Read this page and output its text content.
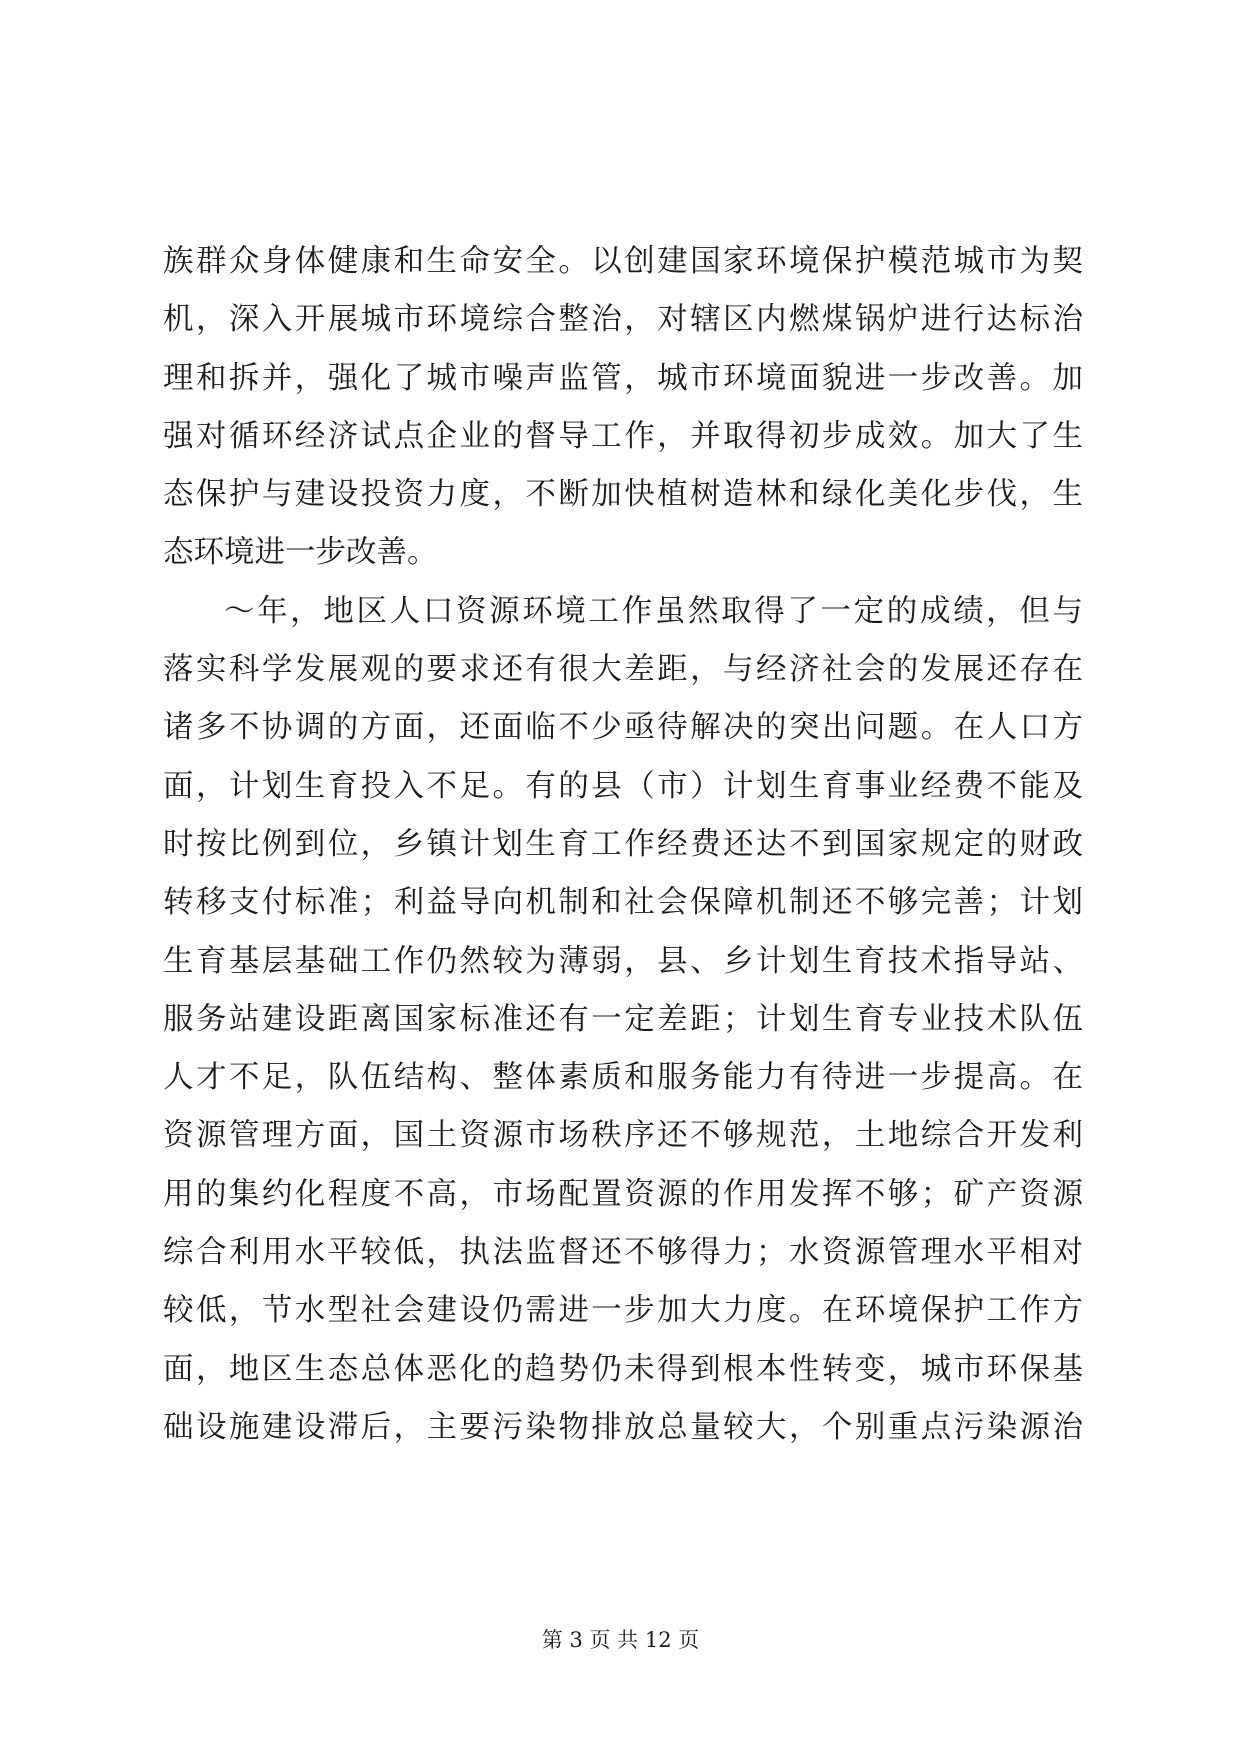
族群众身体健康和生命安全。以创建国家环境保护模范城市为契
机，深入开展城市环境综合整治，对辖区内燃煤锅炉进行达标治
理和拆并，强化了城市噪声监管，城市环境面貌进一步改善。加
强对循环经济试点企业的督导工作，并取得初步成效。加大了生
态保护与建设投资力度，不断加快植树造林和绿化美化步伐，生
态环境进一步改善。
～年，地区人口资源环境工作虽然取得了一定的成绩，但与
落实科学发展观的要求还有很大差距，与经济社会的发展还存在
诸多不协调的方面，还面临不少亟待解决的突出问题。在人口方
面，计划生育投入不足。有的县（市）计划生育事业经费不能及
时按比例到位，乡镇计划生育工作经费还达不到国家规定的财政
转移支付标准；利益导向机制和社会保障机制还不够完善；计划
生育基层基础工作仍然较为薄弱，县、乡计划生育技术指导站、
服务站建设距离国家标准还有一定差距；计划生育专业技术队伍
人才不足，队伍结构、整体素质和服务能力有待进一步提高。在
资源管理方面，国土资源市场秩序还不够规范，土地综合开发利
用的集约化程度不高，市场配置资源的作用发挥不够；矿产资源
综合利用水平较低，执法监督还不够得力；水资源管理水平相对
较低，节水型社会建设仍需进一步加大力度。在环境保护工作方
面，地区生态总体恶化的趋势仍未得到根本性转变，城市环保基
础设施建设滞后，主要污染物排放总量较大，个别重点污染源治
第 3 页 共 12 页
